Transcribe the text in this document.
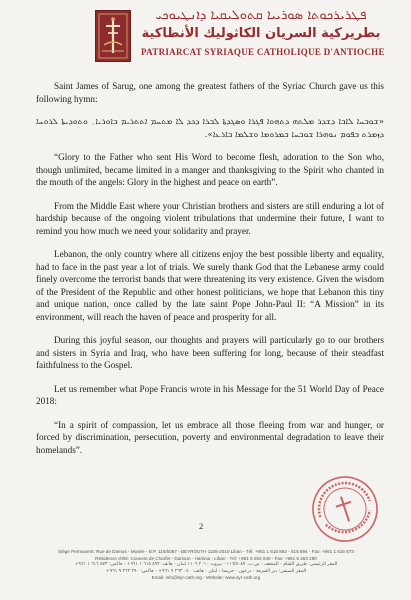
ܦܛܪܝܪܟܘܬܐ ܣܘܪܝܝܐ ܩܬܘܠܝܩܝܐ ܕܐܢܛܝܘܟܝ
بطريركية السريان الكاثوليك الأنطاكية
PATRIARCAT SYRIAQUE CATHOLIQUE D'ANTIOCHE

Saint James of Sarug, one among the greatest fathers of the Syriac Church gave us this following hymn:

«ܫܘܒܚܐ ܠܐܒܐ ܕܫܕܪ ܡܠܬܗ ܕܬܗܘܐ ܦܓܪܐ ܘܣܓܕܬܐ ܠܒܪܐ ܕܟܕ ܠܐ ܡܬܚܡ ܐܬܬܪܝܡ ܒܐܘܪܝܐ܆ ܘܬܘܕܝܬܐ ܠܪܘܚܐ ܕܙܡܪܬ ܒܦܘܡ ܢܘܗܪܐ ܫܘܒܚܐ ܒܡܪܘܡܐ ܘܫܠܡܐ ܒܐܪܥܐ».

“Glory to the Father who sent His Word to become flesh, adoration to the Son who, though unlimited, became limited in a manger and thanksgiving to the Spirit who chanted in the mouth of the angels: Glory in the highest and peace on earth”.

From the Middle East where your Christian brothers and sisters are still enduring a lot of hardship because of the ongoing violent tribulations that undermine their future, I want to remind you how much we need your solidarity and prayer.

Lebanon, the only country where all citizens enjoy the best possible liberty and equality, had to face in the past year a lot of trials. We surely thank God that the Lebanese army could finely overcome the terrorist bands that were threatening its very existence. Given the wisdom of the President of the Republic and other honest politicians, we hope that Lebanon this tiny and unique nation, once called by the late saint Pope John-Paul II: “A Mission” in its environment, will reach the haven of peace and prosperity for all.

During this joyful season, our thoughts and prayers will particularly go to our brothers and sisters in Syria and Iraq, who have been suffering for long, because of their steadfast faithfulness to the Gospel.

Let us remember what Pope Francis wrote in his Message for the 51 World Day of Peace 2018:

“In a spirit of compassion, let us embrace all those fleeing from war and hunger, or forced by discrimination, persecution, poverty and environmental degradation to leave their homelands”.

2
Siège Permanent: Rue de Damas - Musée - B.P. 116/5087 - BEYROUTH 1106-2010 Liban - Tél: +961 1 615 892 - 615 894 - Fax: +961 1 616 573
Résidence d'été: Couvent de Charfet - Darioun - Harissa - Liban - Tél: +961 9 263 040 - Fax: +961 9 263 290
المقر الرئيسي: طريق الشام - المتحف - ص.ب. ١١٦/٥٠٨٧ - بيروت ٢٠١٠ ١١٠٦ لبنان - هاتف: ٨٩٢ ٦١٥ ١ ٩٦١+ - فاكس: ٥٧٣ ٦١٦ ١ ٩٦١+
المقر الصيفي: دير الشرفة - درعون - حريصا - لبنان - هاتف: ٠٤٠ ٢٦٣ ٩ ٩٦١+ - فاكس: ٢٩٠ ٢٦٣ ٩ ٩٦١+
Email: info@syr-cath.org - Website: www.syr-cath.org
